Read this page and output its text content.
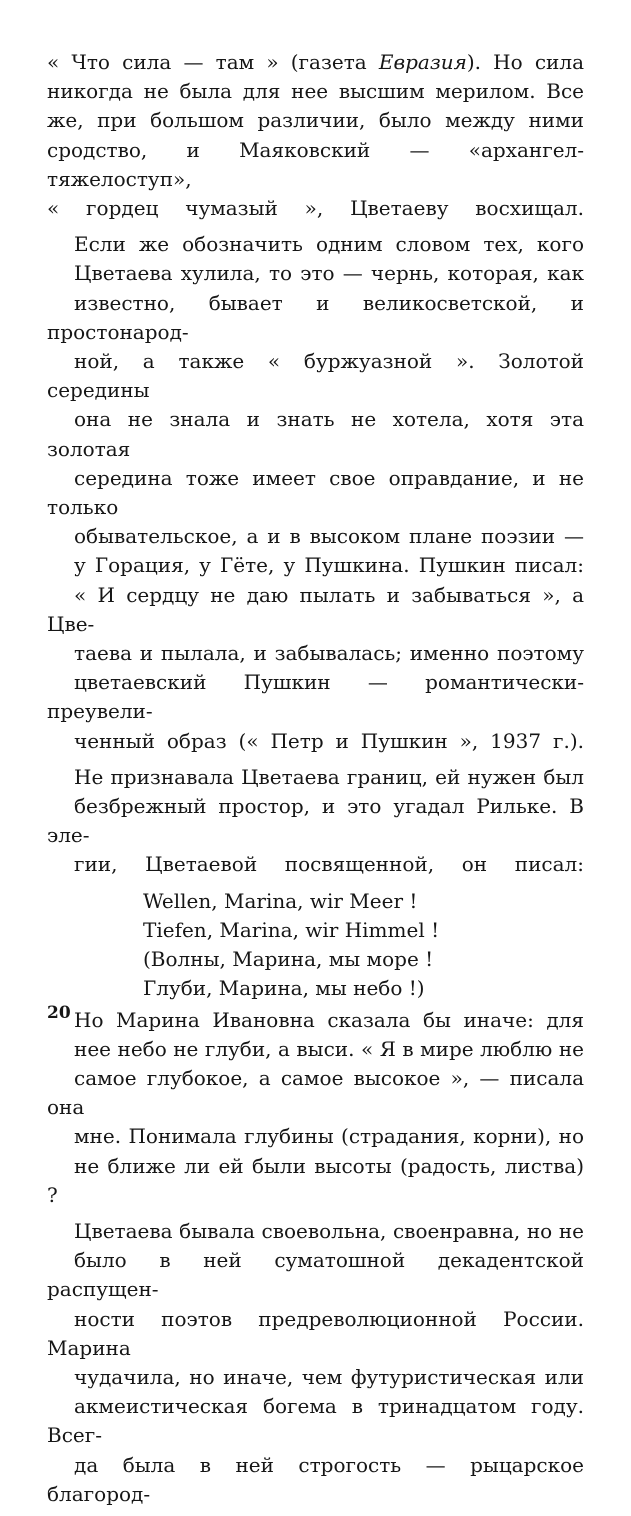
« Что сила — там » (газета Евразия). Но сила
никогда не была для нее высшим мерилом. Все
же, при большом различии, было между ними
сродство, и Маяковский — «архангел-тяжелоступ»,
« гордец чумазый », Цветаеву восхищал.

Если же обозначить одним словом тех, кого
Цветаева хулила, то это — чернь, которая, как
известно, бывает и великосветской, и простонарод-
ной, а также « буржуазной ». Золотой середины
она не знала и знать не хотела, хотя эта золотая
середина тоже имеет свое оправдание, и не только
обывательское, а и в высоком плане поэзии —
у Горация, у Гёте, у Пушкина. Пушкин писал:
« И сердцу не даю пылать и забываться », а Цве-
таева и пылала, и забывалась; именно поэтому
цветаевский Пушкин — романтически-преувели-
ченный образ (« Петр и Пушкин », 1937 г.).

Не признавала Цветаева границ, ей нужен был
безбрежный простор, и это угадал Рильке. В эле-
гии, Цветаевой посвященной, он писал:

Wellen, Marina, wir Meer !
Tiefen, Marina, wir Himmel !
(Волны, Марина, мы море !
Глуби, Марина, мы небо !)

Но Марина Ивановна сказала бы иначе: для
нее небо не глуби, а выси. « Я в мире люблю не
самое глубокое, а самое высокое », — писала она
мне. Понимала глубины (страдания, корни), но
не ближе ли ей были высоты (радость, листва) ?

Цветаева бывала своевольна, своенравна, но не
было в ней суматошной декадентской распущен-
ности поэтов предреволюционной России. Марина
чудачила, но иначе, чем футуристическая или
акмеистическая богема в тринадцатом году. Всег-
да была в ней строгость — рыцарское благород-

20
